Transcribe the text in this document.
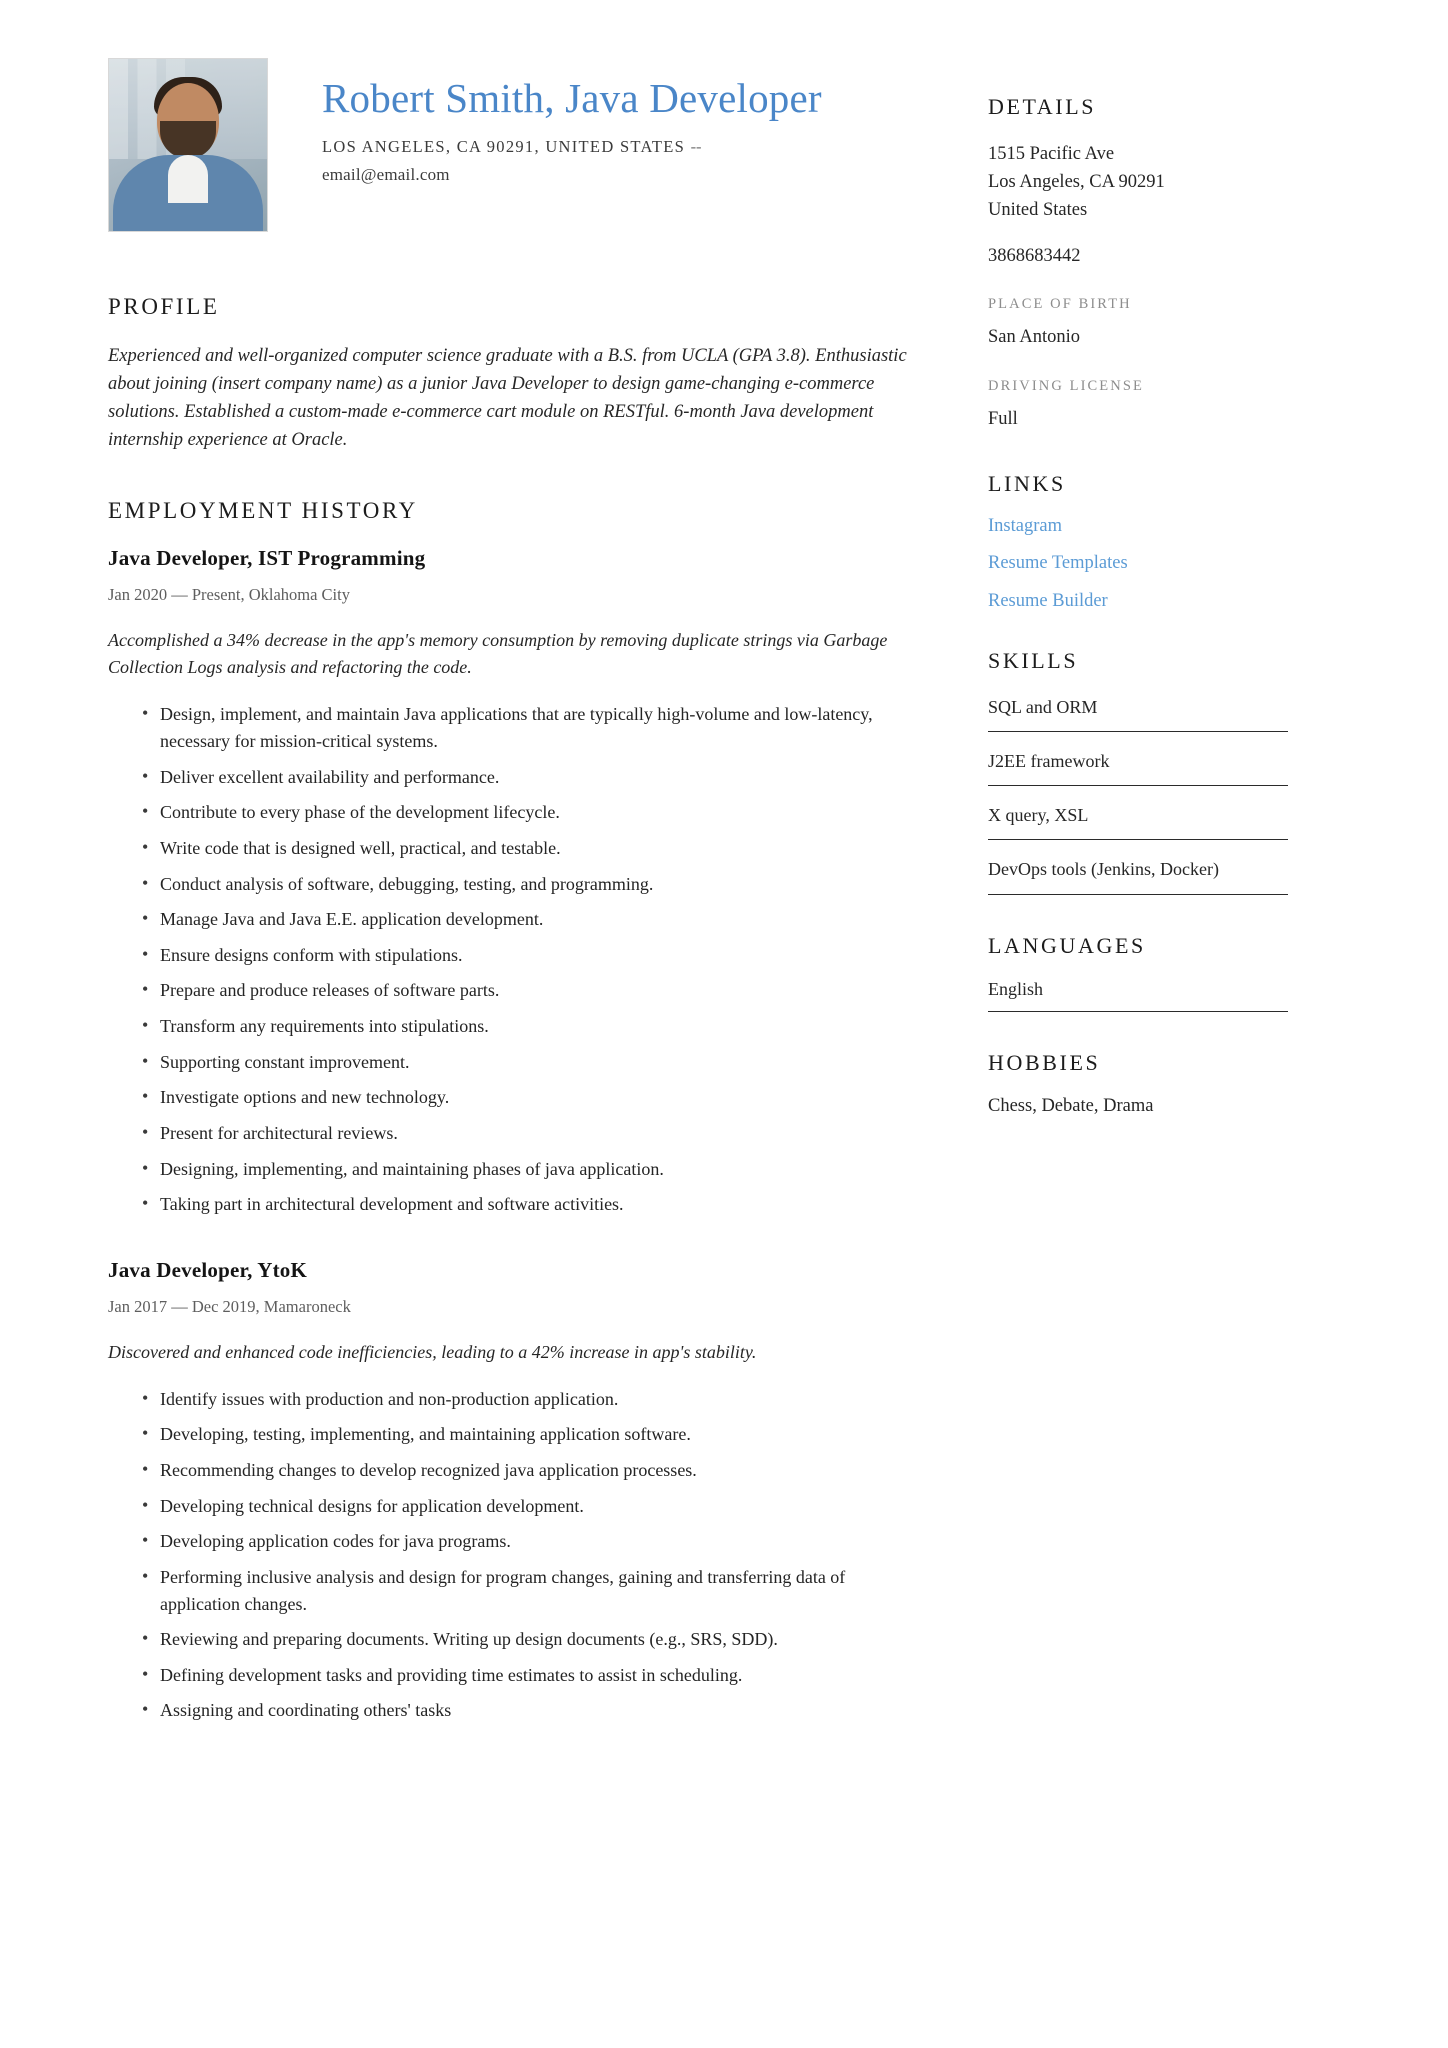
Robert Smith, Java Developer
LOS ANGELES, CA 90291, UNITED STATES --
email@email.com
PROFILE

Experienced and well-organized computer science graduate with a B.S. from UCLA (GPA 3.8). Enthusiastic about joining (insert company name) as a junior Java Developer to design game-changing e-commerce solutions. Established a custom-made e-commerce cart module on RESTful. 6-month Java development internship experience at Oracle.

EMPLOYMENT HISTORY
Java Developer, IST Programming
Jan 2020 — Present, Oklahoma City

Accomplished a 34% decrease in the app's memory consumption by removing duplicate strings via Garbage Collection Logs analysis and refactoring the code.

• Design, implement, and maintain Java applications that are typically high-volume and low-latency, necessary for mission-critical systems.
• Deliver excellent availability and performance.
• Contribute to every phase of the development lifecycle.
• Write code that is designed well, practical, and testable.
• Conduct analysis of software, debugging, testing, and programming.
• Manage Java and Java E.E. application development.
• Ensure designs conform with stipulations.
• Prepare and produce releases of software parts.
• Transform any requirements into stipulations.
• Supporting constant improvement.
• Investigate options and new technology.
• Present for architectural reviews.
• Designing, implementing, and maintaining phases of java application.
• Taking part in architectural development and software activities.
Java Developer, YtoK
Jan 2017 — Dec 2019, Mamaroneck

Discovered and enhanced code inefficiencies, leading to a 42% increase in app's stability.

• Identify issues with production and non-production application.
• Developing, testing, implementing, and maintaining application software.
• Recommending changes to develop recognized java application processes.
• Developing technical designs for application development.
• Developing application codes for java programs.
• Performing inclusive analysis and design for program changes, gaining and transferring data of application changes.
• Reviewing and preparing documents. Writing up design documents (e.g., SRS, SDD).
• Defining development tasks and providing time estimates to assist in scheduling.
• Assigning and coordinating others' tasks
DETAILS
1515 Pacific Ave
Los Angeles, CA 90291
United States
3868683442
PLACE OF BIRTH
San Antonio
DRIVING LICENSE
Full
LINKS
Instagram
Resume Templates
Resume Builder
SKILLS
SQL and ORM
J2EE framework
X query, XSL
DevOps tools (Jenkins, Docker)
LANGUAGES
English
HOBBIES
Chess, Debate, Drama
